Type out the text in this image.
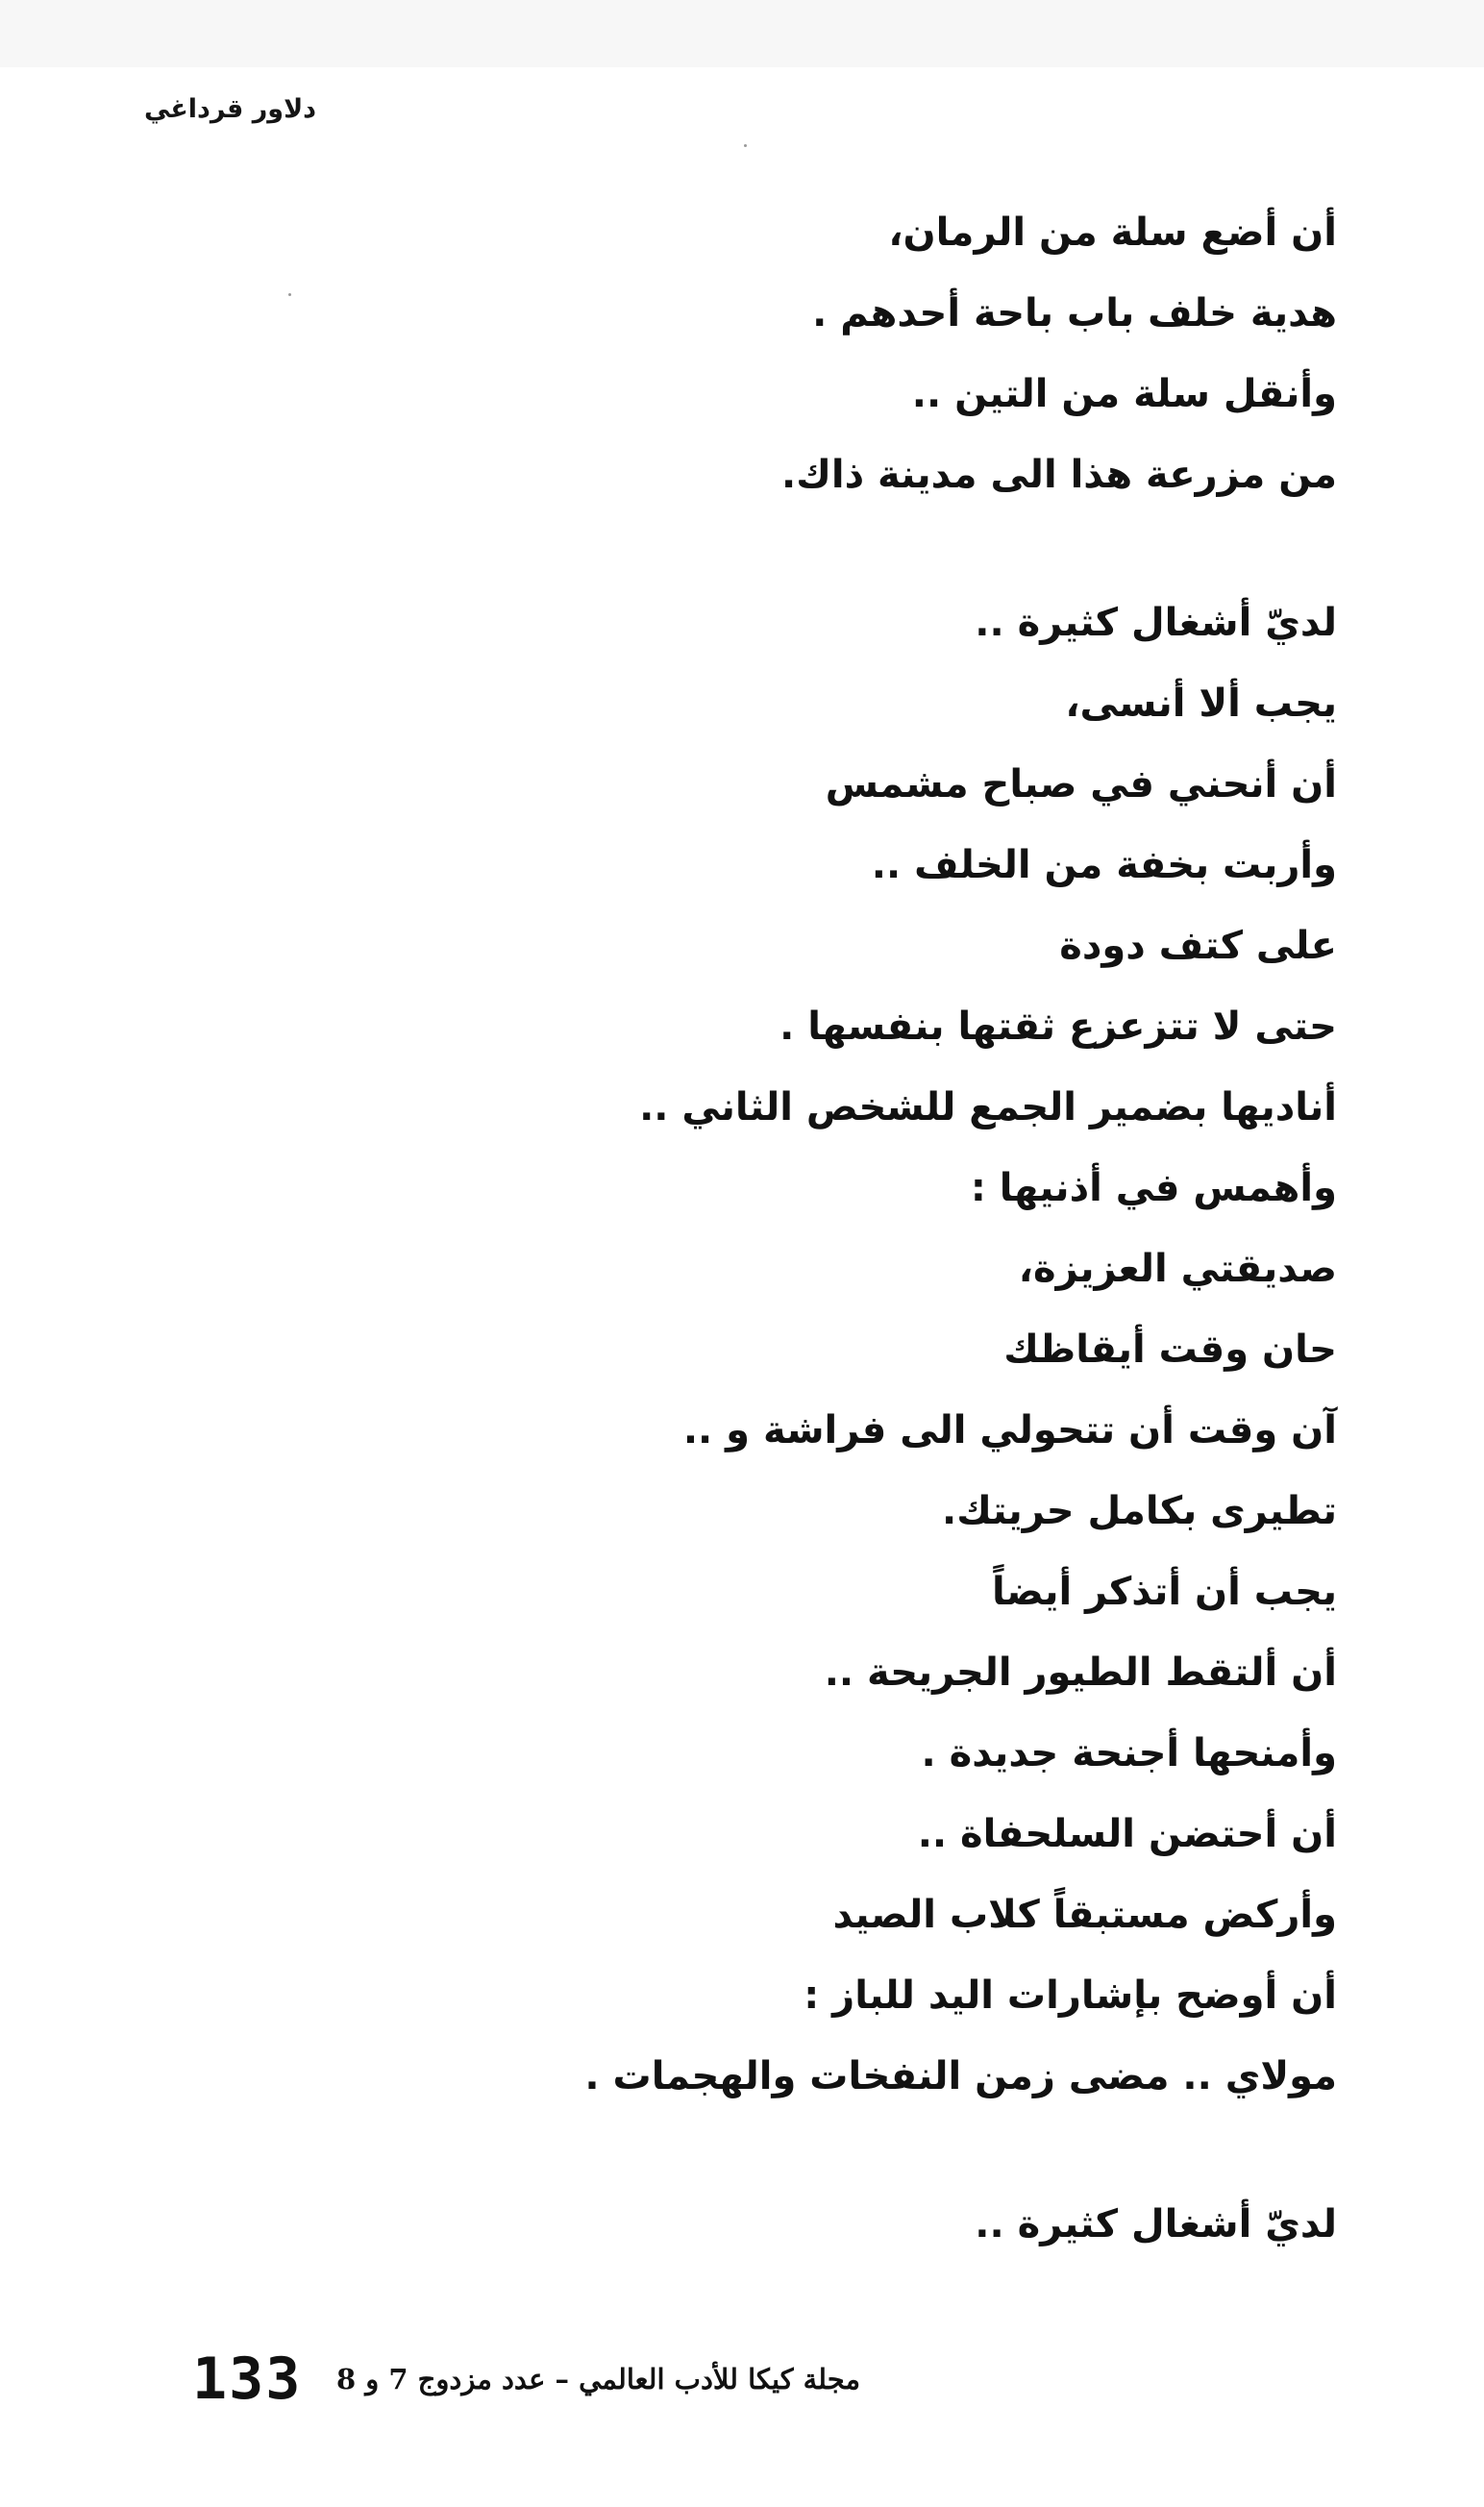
دلاور قرداغي
أن أضع سلة من الرمان،
هدية خلف باب باحة أحدهم .
وأنقل سلة من التين ..
من مزرعة هذا الى مدينة ذاك.
لديّ أشغال كثيرة ..
يجب ألا أنسى،
أن أنحني في صباح مشمس
وأربت بخفة من الخلف ..
على كتف دودة
حتى لا تتزعزع ثقتها بنفسها .
أناديها بضمير الجمع للشخص الثاني ..
وأهمس في أذنيها :
صديقتي العزيزة،
حان وقت أيقاظك
آن وقت أن تتحولي الى فراشة و ..
تطيرى بكامل حريتك.
يجب أن أتذكر أيضاً
أن ألتقط الطيور الجريحة ..
وأمنحها أجنحة جديدة .
أن أحتضن السلحفاة ..
وأركض مستبقاً كلاب الصيد
أن أوضح بإشارات اليد للباز :
مولاي .. مضى زمن النفخات والهجمات .
لديّ أشغال كثيرة ..
133 مجلة كيكا للأدب العالمي – عدد مزدوج 7 و 8
